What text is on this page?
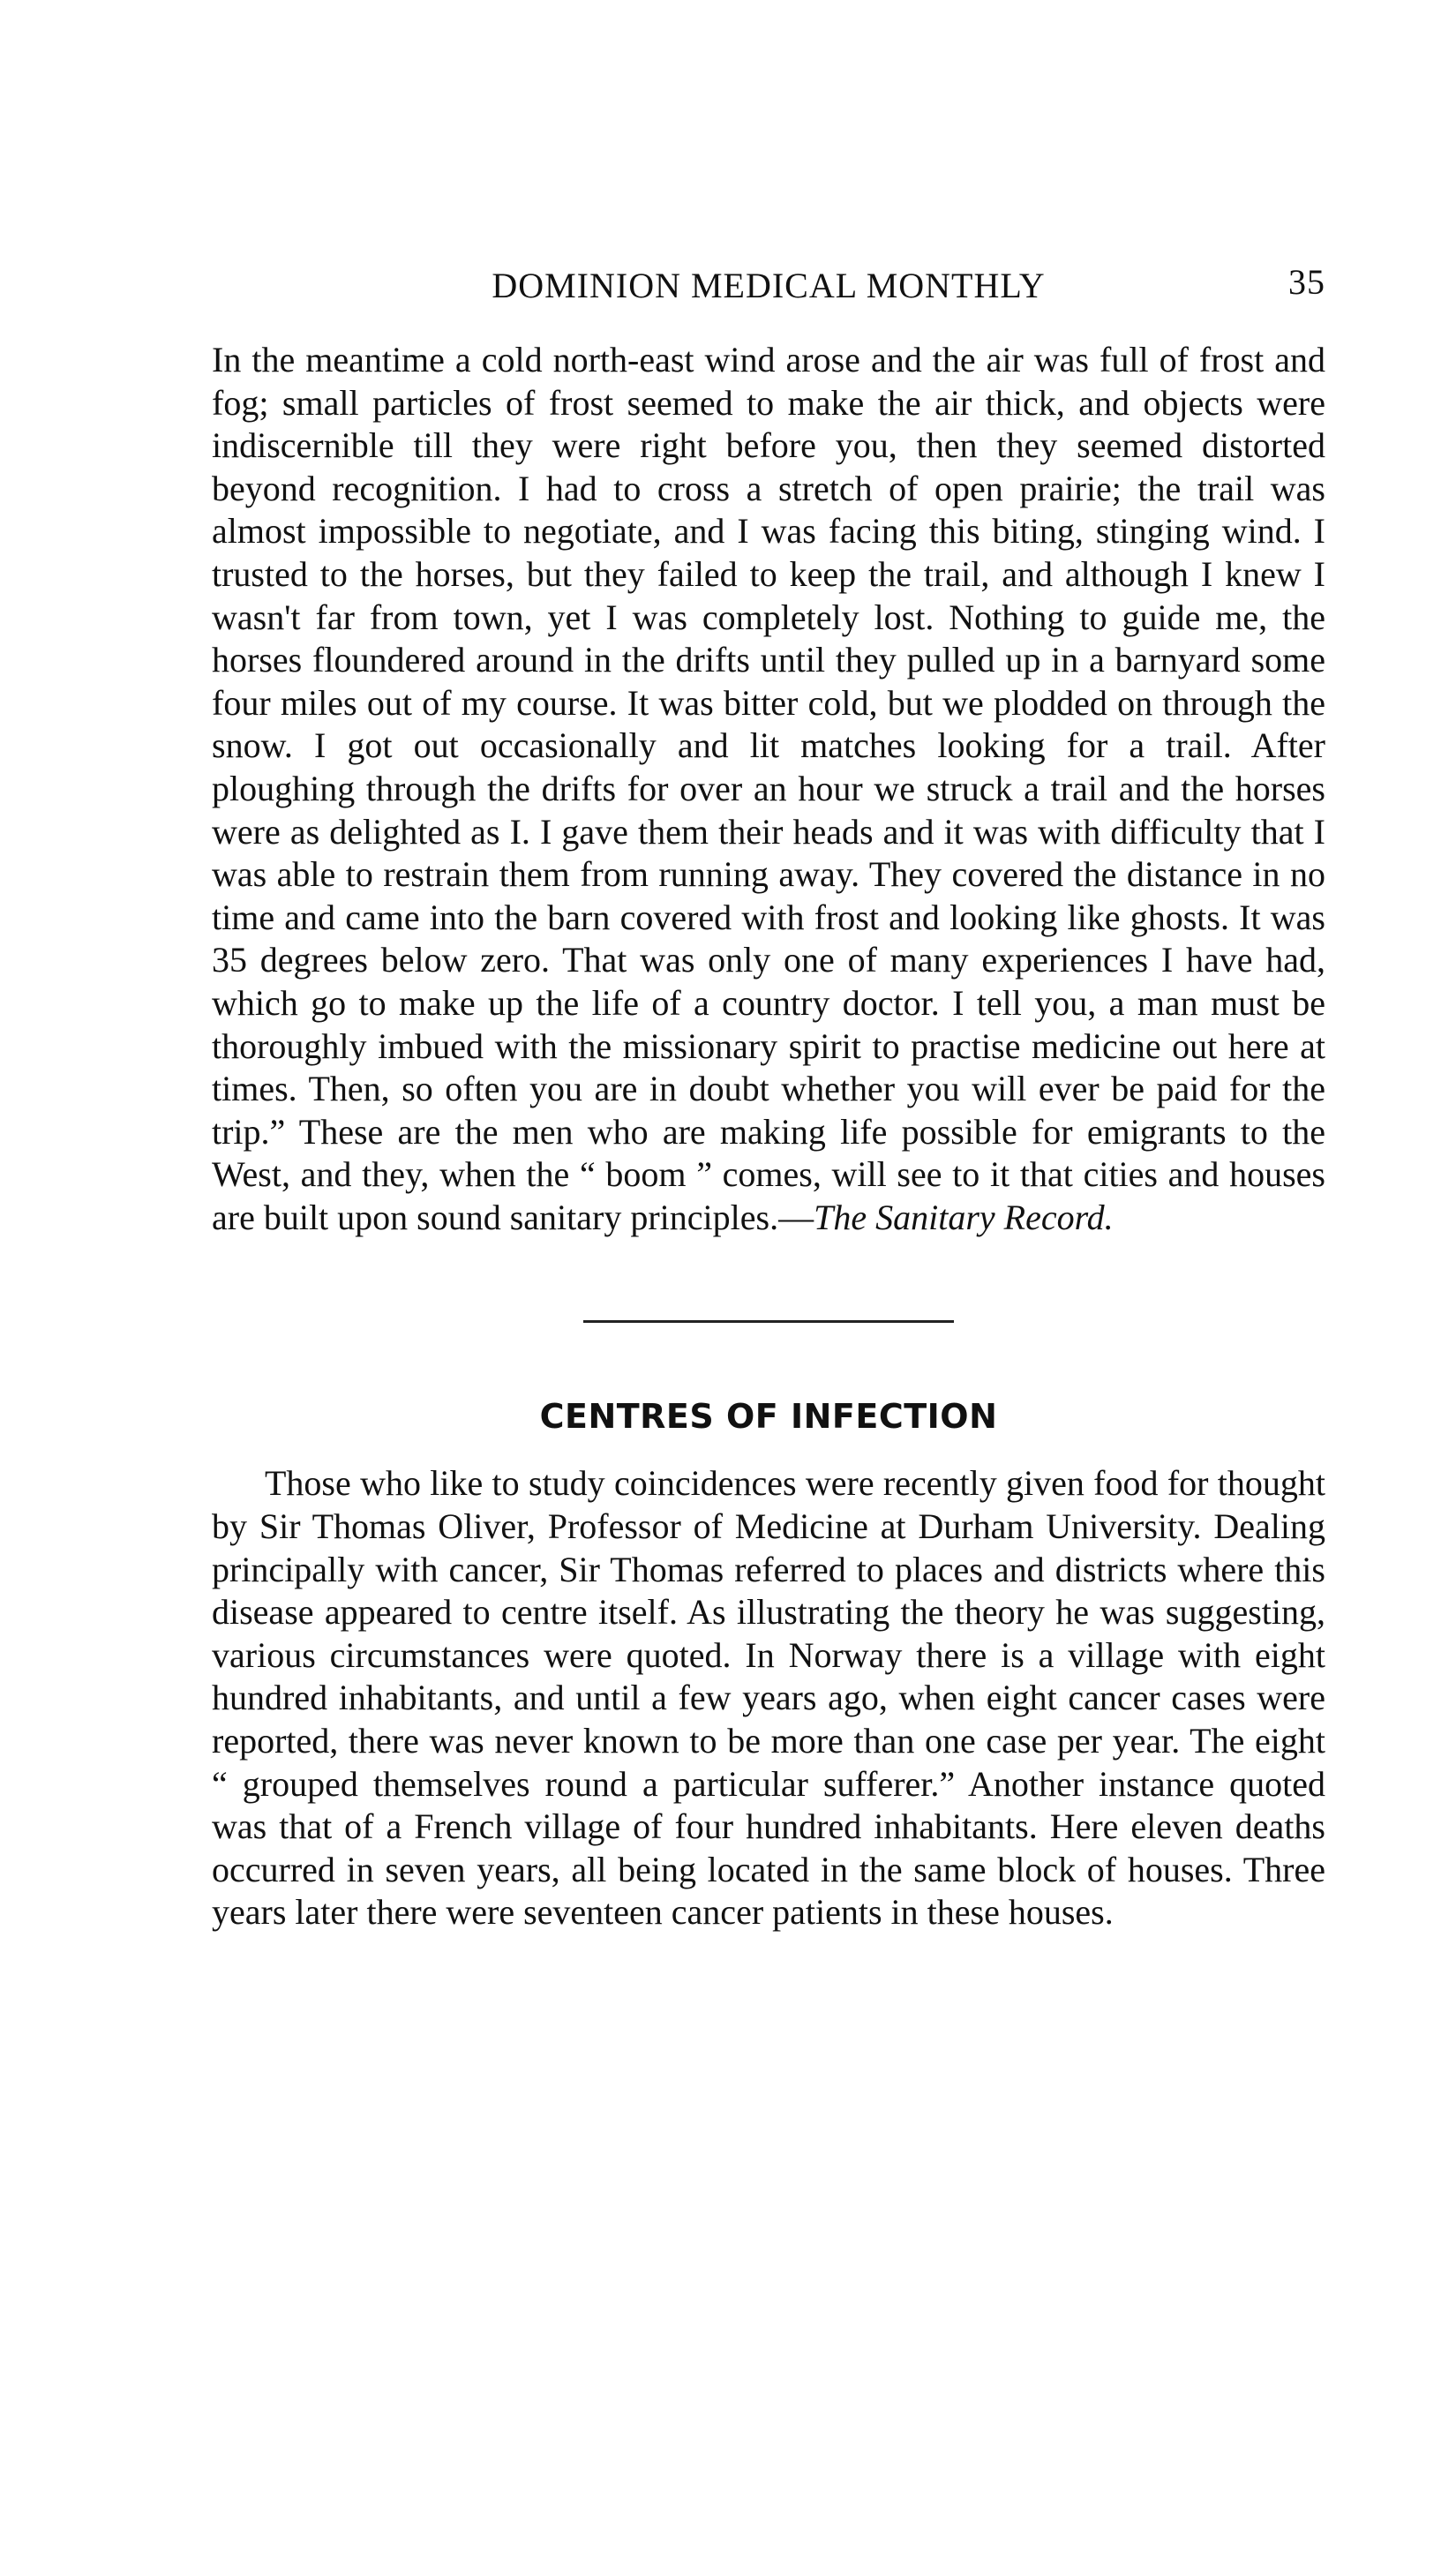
DOMINION MEDICAL MONTHLY	35

In the meantime a cold north-east wind arose and the air was full of frost and fog; small particles of frost seemed to make the air thick, and objects were indiscernible till they were right before you, then they seemed distorted beyond recognition. I had to cross a stretch of open prairie; the trail was almost impossible to negotiate, and I was facing this biting, stinging wind. I trusted to the horses, but they failed to keep the trail, and although I knew I wasn't far from town, yet I was completely lost. Nothing to guide me, the horses floundered around in the drifts until they pulled up in a barnyard some four miles out of my course. It was bitter cold, but we plodded on through the snow. I got out occasionally and lit matches looking for a trail. After ploughing through the drifts for over an hour we struck a trail and the horses were as delighted as I. I gave them their heads and it was with difficulty that I was able to restrain them from running away. They covered the distance in no time and came into the barn covered with frost and looking like ghosts. It was 35 degrees below zero. That was only one of many experiences I have had, which go to make up the life of a country doctor. I tell you, a man must be thoroughly imbued with the missionary spirit to practise medicine out here at times. Then, so often you are in doubt whether you will ever be paid for the trip.” These are the men who are making life possible for emigrants to the West, and they, when the “ boom ” comes, will see to it that cities and houses are built upon sound sanitary principles.—The Sanitary Record.

CENTRES OF INFECTION

Those who like to study coincidences were recently given food for thought by Sir Thomas Oliver, Professor of Medicine at Durham University. Dealing principally with cancer, Sir Thomas referred to places and districts where this disease appeared to centre itself. As illustrating the theory he was suggesting, various circumstances were quoted. In Norway there is a village with eight hundred inhabitants, and until a few years ago, when eight cancer cases were reported, there was never known to be more than one case per year. The eight “ grouped themselves round a particular sufferer.” Another instance quoted was that of a French village of four hundred inhabitants. Here eleven deaths occurred in seven years, all being located in the same block of houses. Three years later there were seventeen cancer patients in these houses.
